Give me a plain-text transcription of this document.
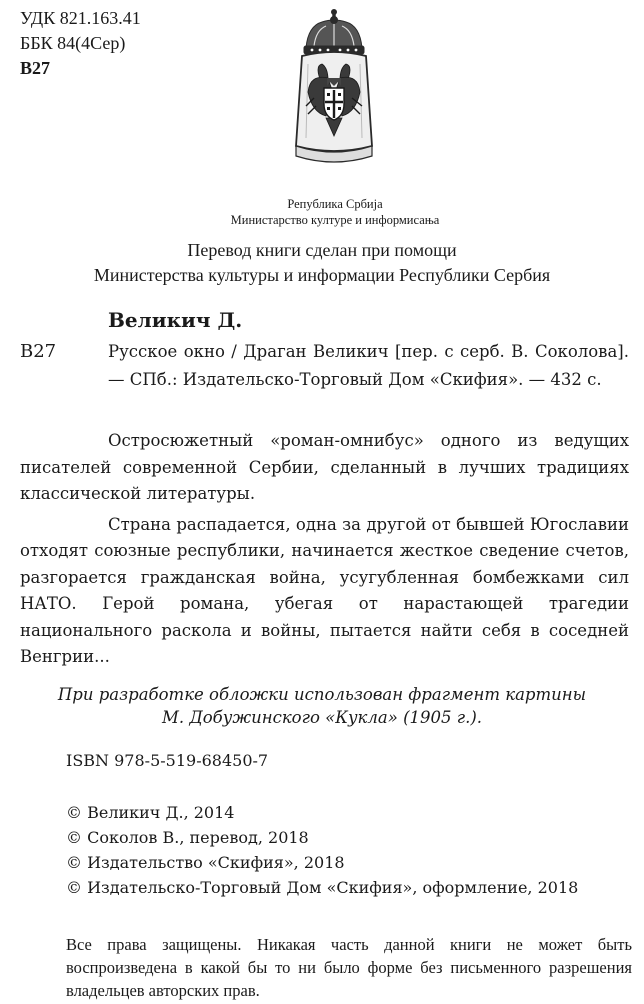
УДК 821.163.41
ББК 84(4Сер)
В27
Република Србија
Министарство културе и информисања
Перевод книги сделан при помощи
Министерства культуры и информации Республики Сербия
Великич Д.
В27	Русское окно / Драган Великич [пер. с серб. В. Соколова]. — СПб.: Издательско-Торговый Дом «Скифия». — 432 с.

Остросюжетный «роман-омнибус» одного из ведущих писателей современной Сербии, сделанный в лучших традициях классической литературы.

Страна распадается, одна за другой от бывшей Югославии отходят союзные республики, начинается жесткое сведение счетов, разгорается гражданская война, усугубленная бомбежками сил НАТО. Герой романа, убегая от нарастающей трагедии национального раскола и войны, пытается найти себя в соседней Венгрии...

При разработке обложки использован фрагмент картины
М. Добужинского «Кукла» (1905 г.).
ISBN 978-5-519-68450-7
© Великич Д., 2014
© Соколов В., перевод, 2018
© Издательство «Скифия», 2018
© Издательско-Торговый Дом «Скифия», оформление, 2018
Все права защищены. Никакая часть данной книги не может быть воспроизведена в какой бы то ни было форме без письменного разрешения владельцев авторских прав.
